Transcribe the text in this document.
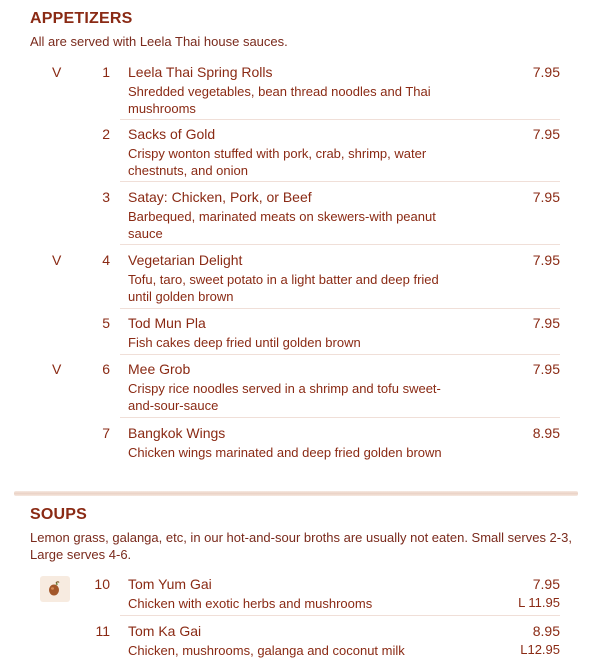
APPETIZERS
All are served with Leela Thai house sauces.
V	1 Leela Thai Spring Rolls
Shredded vegetables, bean thread noodles and Thai mushrooms
7.95
2 Sacks of Gold
Crispy wonton stuffed with pork, crab, shrimp, water chestnuts, and onion
7.95
3 Satay: Chicken, Pork, or Beef
Barbequed, marinated meats on skewers-with peanut sauce
7.95
V	4 Vegetarian Delight
Tofu, taro, sweet potato in a light batter and deep fried until golden brown
7.95
5 Tod Mun Pla
Fish cakes deep fried until golden brown
7.95
V	6 Mee Grob
Crispy rice noodles served in a shrimp and tofu sweet-and-sour-sauce
7.95
7 Bangkok Wings
Chicken wings marinated and deep fried golden brown
8.95
SOUPS
Lemon grass, galanga, etc, in our hot-and-sour broths are usually not eaten. Small serves 2-3, Large serves 4-6.
10 Tom Yum Gai
Chicken with exotic herbs and mushrooms
7.95
L 11.95
11 Tom Ka Gai
Chicken, mushrooms, galanga and coconut milk
8.95
L12.95
